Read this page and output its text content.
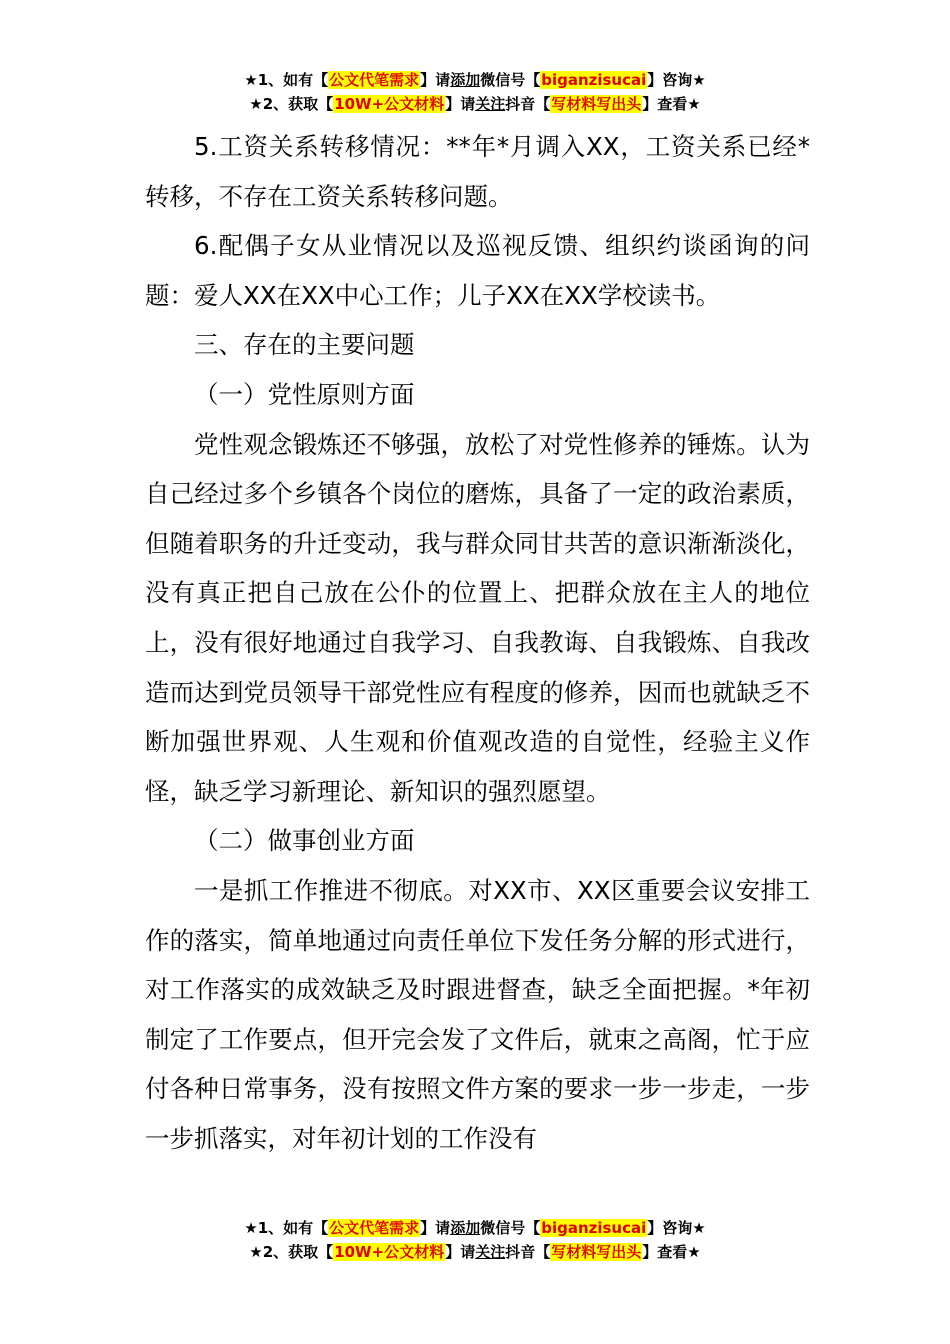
★1、如有【公文代笔需求】请添加微信号【biganzisucai】咨询★
★2、获取【10W+公文材料】请关注抖音【写材料写出头】查看★

5.工资关系转移情况：**年*月调入XX，工资关系已经*转移，不存在工资关系转移问题。

6.配偶子女从业情况以及巡视反馈、组织约谈函询的问题：爱人XX在XX中心工作；儿子XX在XX学校读书。

三、存在的主要问题

（一）党性原则方面

党性观念锻炼还不够强，放松了对党性修养的锤炼。认为自己经过多个乡镇各个岗位的磨炼，具备了一定的政治素质，但随着职务的升迁变动，我与群众同甘共苦的意识渐渐淡化，没有真正把自己放在公仆的位置上、把群众放在主人的地位上，没有很好地通过自我学习、自我教诲、自我锻炼、自我改造而达到党员领导干部党性应有程度的修养，因而也就缺乏不断加强世界观、人生观和价值观改造的自觉性，经验主义作怪，缺乏学习新理论、新知识的强烈愿望。

（二）做事创业方面

一是抓工作推进不彻底。对XX市、XX区重要会议安排工作的落实，简单地通过向责任单位下发任务分解的形式进行，对工作落实的成效缺乏及时跟进督查，缺乏全面把握。*年初制定了工作要点，但开完会发了文件后，就束之高阁，忙于应付各种日常事务，没有按照文件方案的要求一步一步走，一步一步抓落实，对年初计划的工作没有

★1、如有【公文代笔需求】请添加微信号【biganzisucai】咨询★
★2、获取【10W+公文材料】请关注抖音【写材料写出头】查看★
